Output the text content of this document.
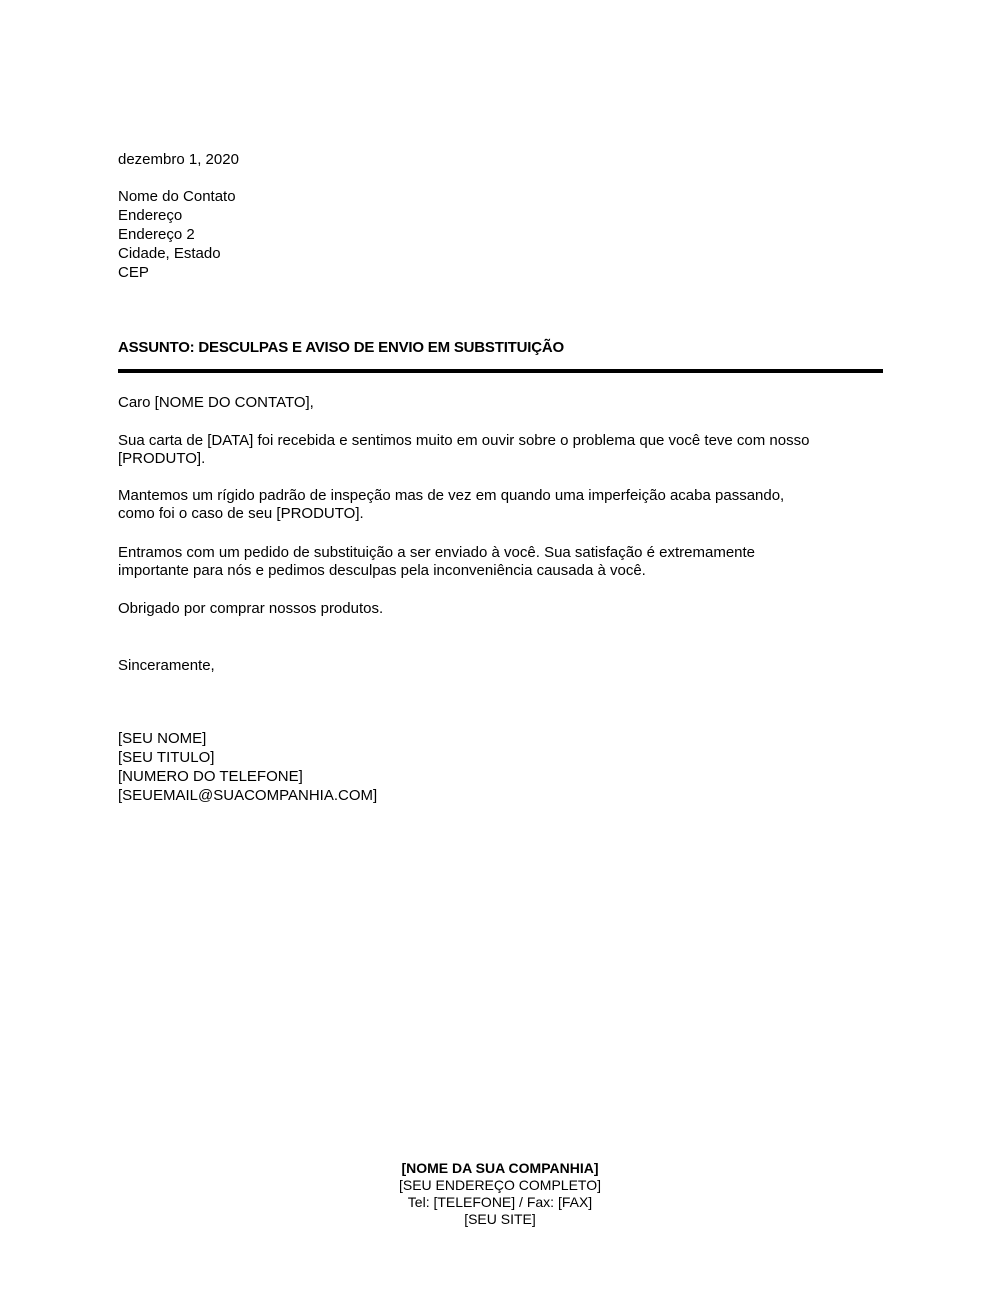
dezembro 1, 2020
Nome do Contato
Endereço
Endereço 2
Cidade, Estado
CEP
ASSUNTO: DESCULPAS E AVISO DE ENVIO EM SUBSTITUIÇÃO
Caro [NOME DO CONTATO],
Sua carta de [DATA] foi recebida e sentimos muito em ouvir sobre o problema que você teve com nosso
[PRODUTO].
Mantemos um rígido padrão de inspeção mas de vez em quando uma imperfeição acaba passando,
como foi o caso de seu [PRODUTO].
Entramos com um pedido de substituição a ser enviado à você. Sua satisfação é extremamente
importante para nós e pedimos desculpas pela inconveniência causada à você.
Obrigado por comprar nossos produtos.
Sinceramente,
[SEU NOME]
[SEU TITULO]
[NUMERO DO TELEFONE]
[SEUEMAIL@SUACOMPANHIA.COM]
[NOME DA SUA COMPANHIA]
[SEU ENDEREÇO COMPLETO]
Tel: [TELEFONE] / Fax: [FAX]
[SEU SITE]
